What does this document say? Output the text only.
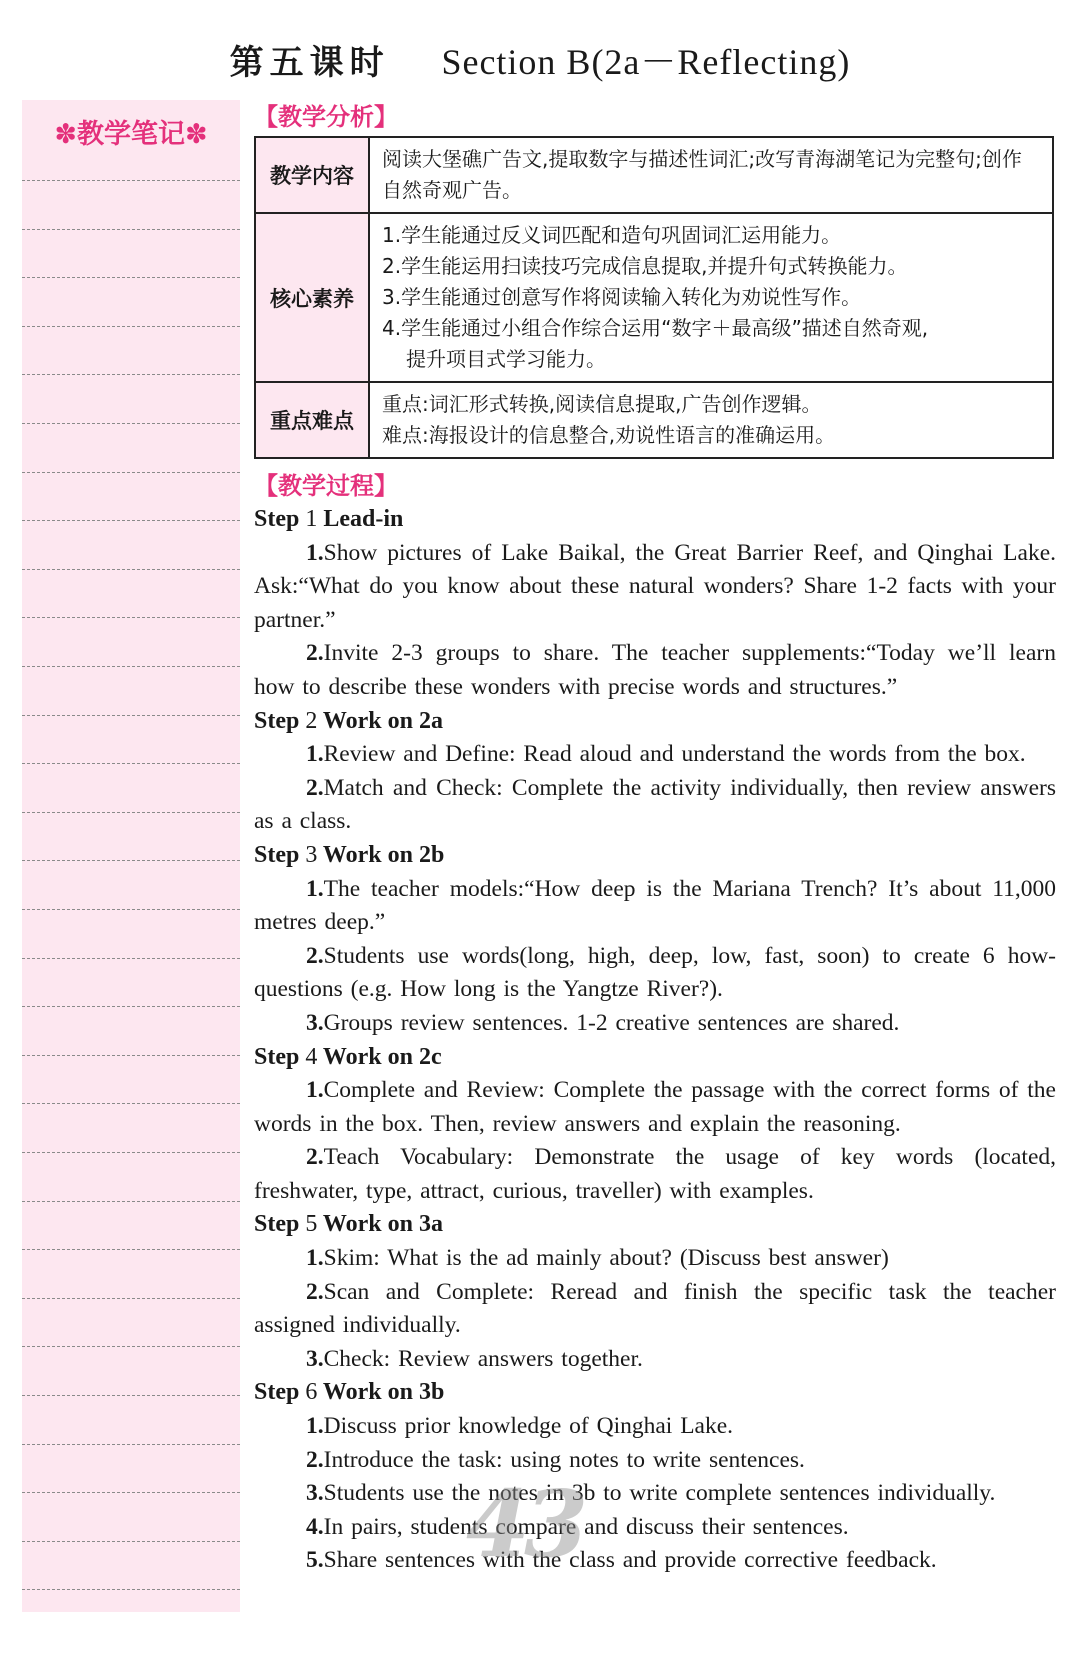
第五课时 Section B(2a－Reflecting)
✽教学笔记✽
【教学分析】
教学内容	阅读大堡礁广告文,提取数字与描述性词汇;改写青海湖笔记为完整句;创作自然奇观广告。

核心素养	1.学生能通过反义词匹配和造句巩固词汇运用能力。
2.学生能运用扫读技巧完成信息提取,并提升句式转换能力。
3.学生能通过创意写作将阅读输入转化为劝说性写作。
4.学生能通过小组合作综合运用“数字＋最高级”描述自然奇观,
提升项目式学习能力。

重点难点	重点:词汇形式转换,阅读信息提取,广告创作逻辑。
难点:海报设计的信息整合,劝说性语言的准确运用。
【教学过程】
Step 1 Lead-in
1.Show pictures of Lake Baikal, the Great Barrier Reef, and Qinghai Lake. Ask:“What do you know about these natural wonders? Share 1-2 facts with your partner.”
2.Invite 2-3 groups to share. The teacher supplements:“Today we’ll learn how to describe these wonders with precise words and structures.”
Step 2 Work on 2a
1.Review and Define: Read aloud and understand the words from the box.
2.Match and Check: Complete the activity individually, then review answers as a class.
Step 3 Work on 2b
1.The teacher models:“How deep is the Mariana Trench? It’s about 11,000 metres deep.”
2.Students use words(long, high, deep, low, fast, soon) to create 6 how-questions (e.g. How long is the Yangtze River?).
3.Groups review sentences. 1-2 creative sentences are shared.
Step 4 Work on 2c
1.Complete and Review: Complete the passage with the correct forms of the words in the box. Then, review answers and explain the reasoning.
2.Teach Vocabulary: Demonstrate the usage of key words (located, freshwater, type, attract, curious, traveller) with examples.
Step 5 Work on 3a
1.Skim: What is the ad mainly about? (Discuss best answer)
2.Scan and Complete: Reread and finish the specific task the teacher assigned individually.
3.Check: Review answers together.
Step 6 Work on 3b
1.Discuss prior knowledge of Qinghai Lake.
2.Introduce the task: using notes to write sentences.
3.Students use the notes in 3b to write complete sentences individually.
4.In pairs, students compare and discuss their sentences.
5.Share sentences with the class and provide corrective feedback.
43
